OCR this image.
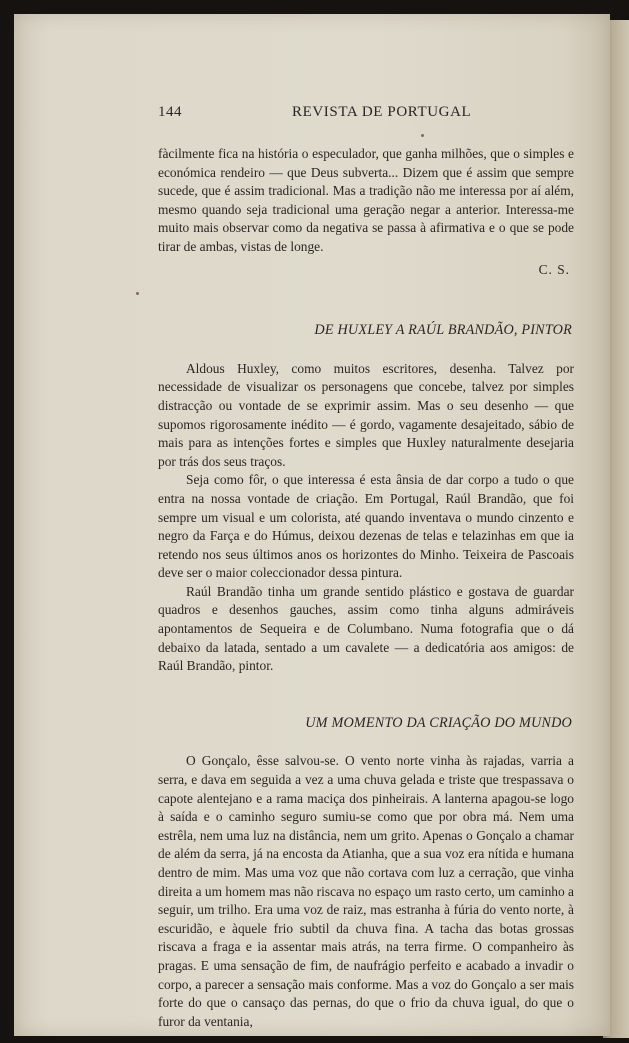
144	REVISTA DE PORTUGAL

fàcilmente fica na história o especulador, que ganha milhões, que o simples e económica rendeiro — que Deus subverta... Dizem que é assim que sempre sucede, que é assim tradicional. Mas a tradição não me interessa por aí além, mesmo quando seja tradicional uma geração negar a anterior. Interessa-me muito mais observar como da negativa se passa à afirmativa e o que se pode tirar de ambas, vistas de longe.

C. S.
DE HUXLEY A RAÚL BRANDÃO, PINTOR

Aldous Huxley, como muitos escritores, desenha. Talvez por necessidade de visualizar os personagens que concebe, talvez por simples distracção ou vontade de se exprimir assim. Mas o seu desenho — que supomos rigorosamente inédito — é gordo, vagamente desajeitado, sábio de mais para as intenções fortes e simples que Huxley naturalmente desejaria por trás dos seus traços.

Seja como fôr, o que interessa é esta ânsia de dar corpo a tudo o que entra na nossa vontade de criação. Em Portugal, Raúl Brandão, que foi sempre um visual e um colorista, até quando inventava o mundo cinzento e negro da Farça e do Húmus, deixou dezenas de telas e telazinhas em que ia retendo nos seus últimos anos os horizontes do Minho. Teixeira de Pascoais deve ser o maior coleccionador dessa pintura.

Raúl Brandão tinha um grande sentido plástico e gostava de guardar quadros e desenhos gauches, assim como tinha alguns admiráveis apontamentos de Sequeira e de Columbano. Numa fotografia que o dá debaixo da latada, sentado a um cavalete — a dedicatória aos amigos: de Raúl Brandão, pintor.

UM MOMENTO DA CRIAÇÃO DO MUNDO

O Gonçalo, êsse salvou-se. O vento norte vinha às rajadas, varria a serra, e dava em seguida a vez a uma chuva gelada e triste que trespassava o capote alentejano e a rama maciça dos pinheirais. A lanterna apagou-se logo à saída e o caminho seguro sumiu-se como que por obra má. Nem uma estrêla, nem uma luz na distância, nem um grito. Apenas o Gonçalo a chamar de além da serra, já na encosta da Atianha, que a sua voz era nítida e humana dentro de mim. Mas uma voz que não cortava com luz a cerração, que vinha direita a um homem mas não riscava no espaço um rasto certo, um caminho a seguir, um trilho. Era uma voz de raiz, mas estranha à fúria do vento norte, à escuridão, e àquele frio subtil da chuva fina. A tacha das botas grossas riscava a fraga e ia assentar mais atrás, na terra firme. O companheiro às pragas. E uma sensação de fim, de naufrágio perfeito e acabado a invadir o corpo, a parecer a sensação mais conforme. Mas a voz do Gonçalo a ser mais forte do que o cansaço das pernas, do que o frio da chuva igual, do que o furor da ventania,
